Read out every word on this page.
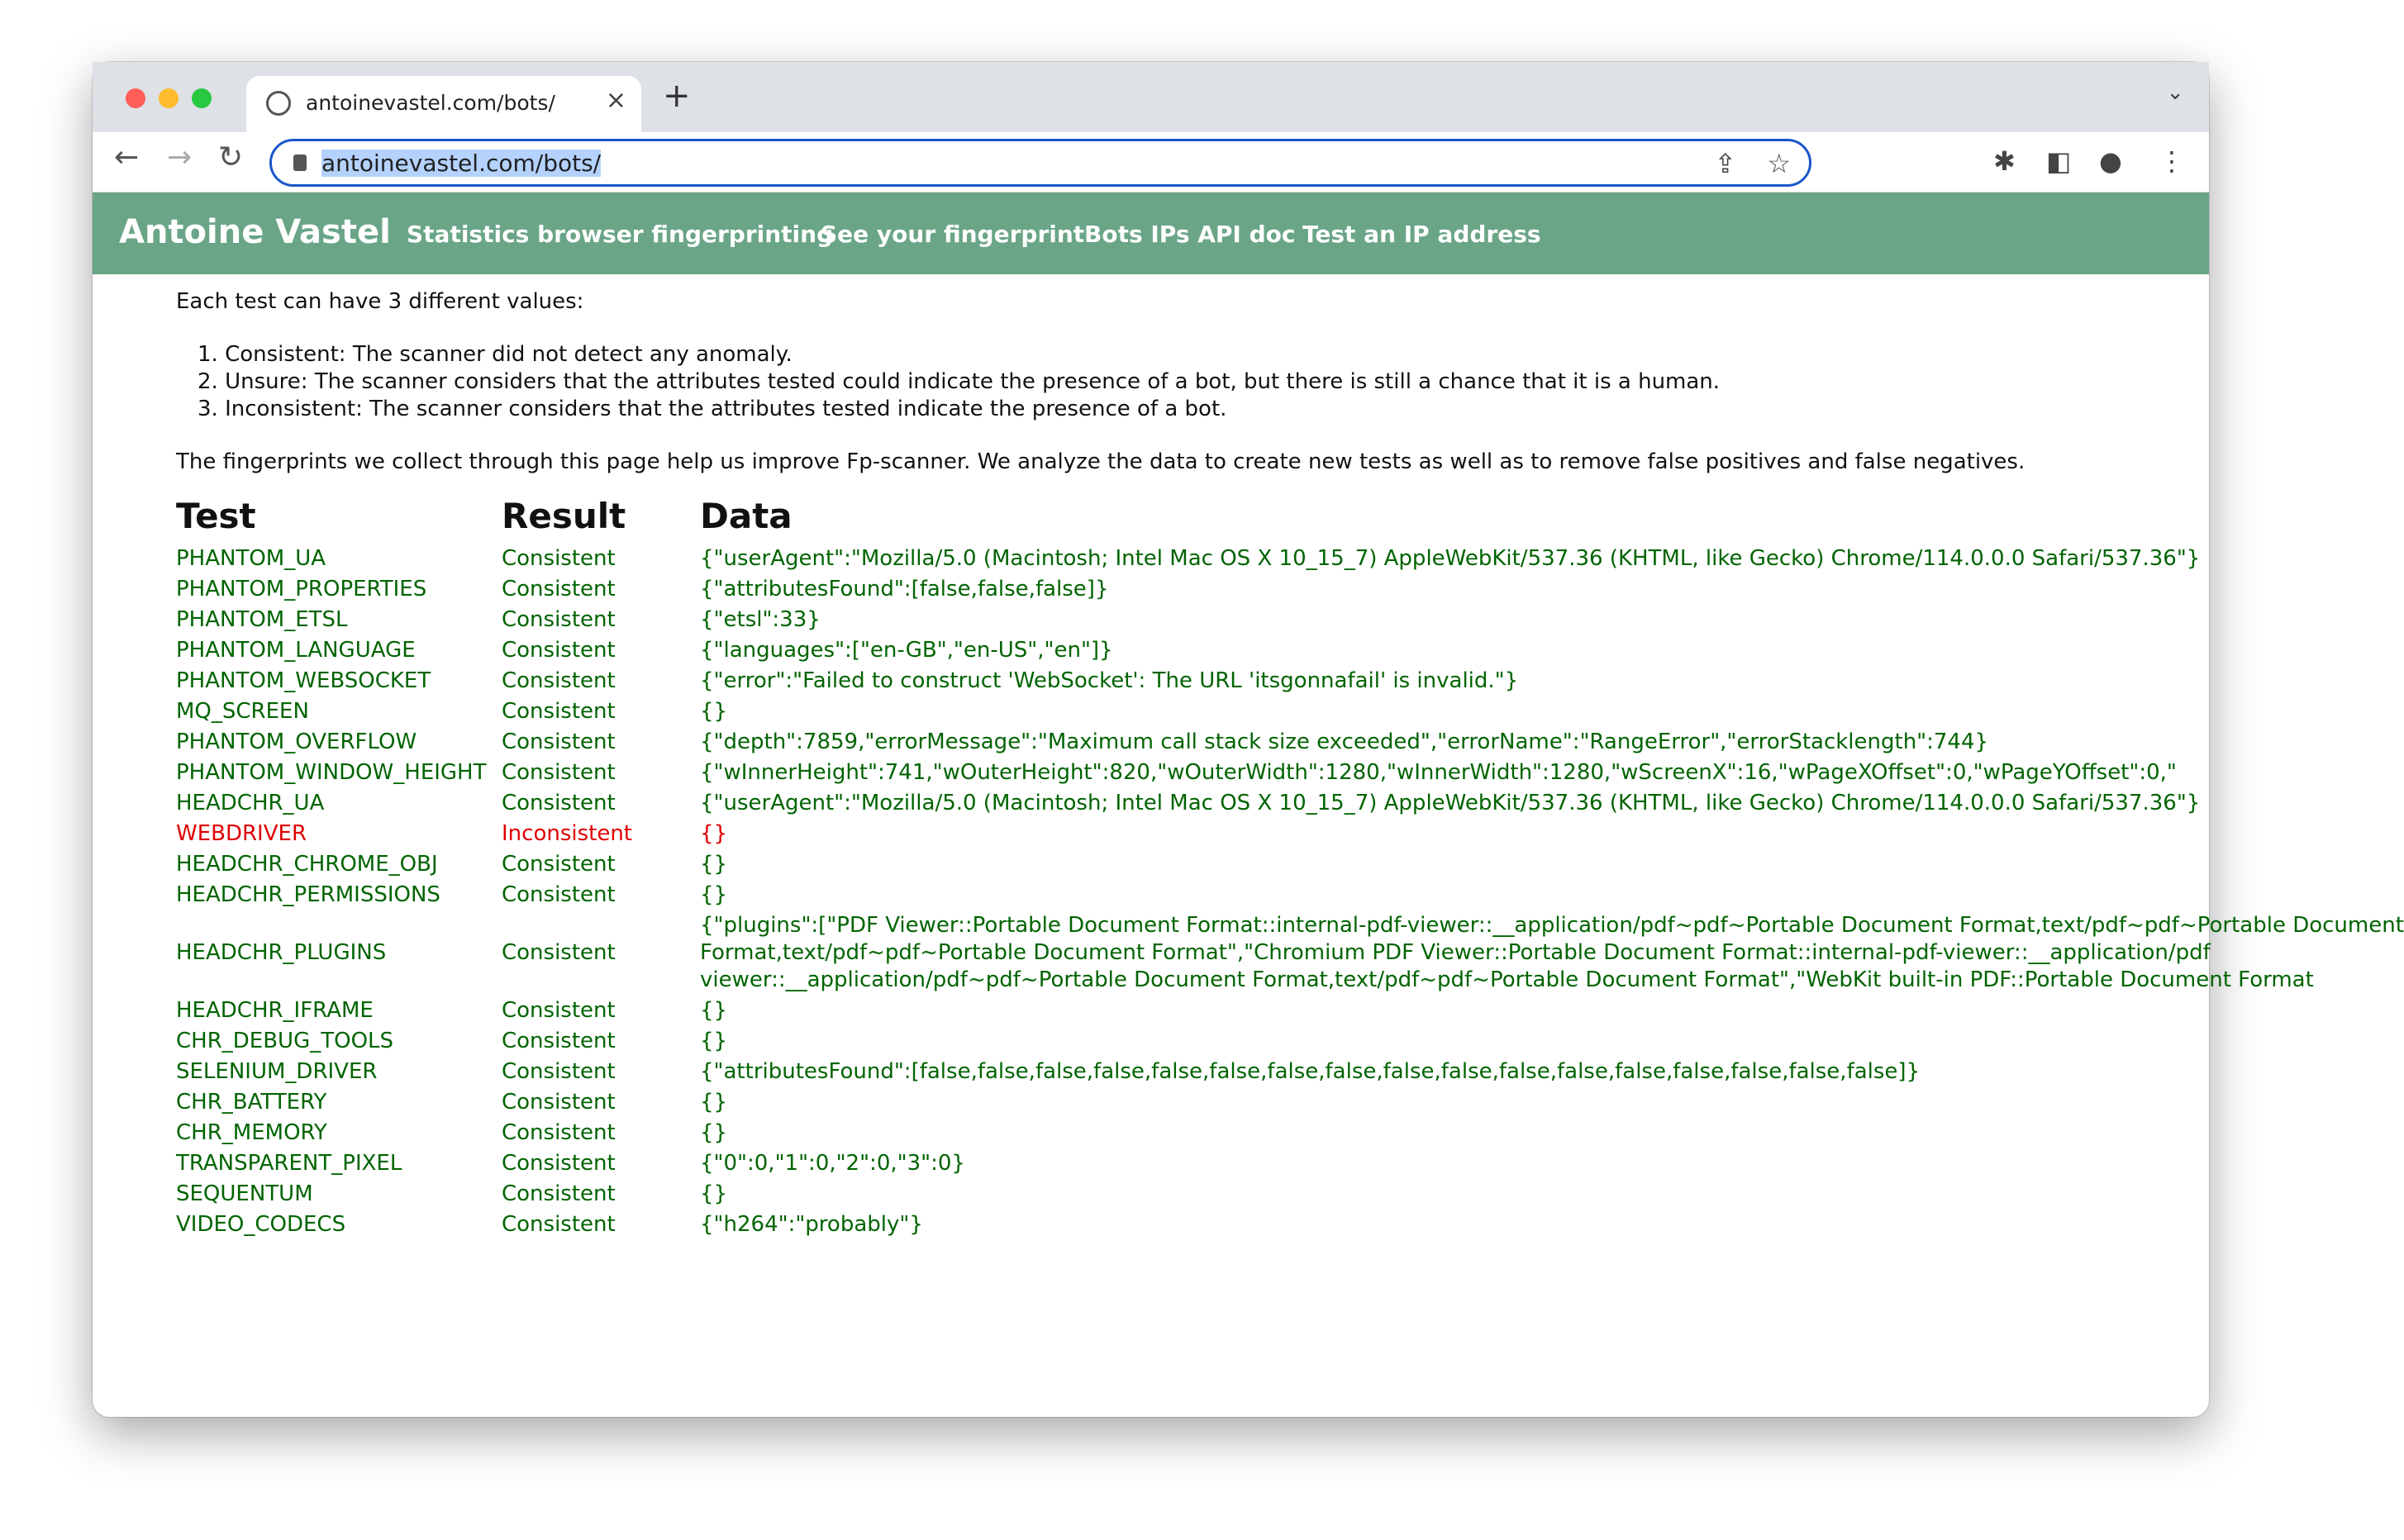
antoinevastel.com/bots/ × +	⌄
← → ↻	antoinevastel.com/bots/	⇪ ☆	✱ ◧ ● ⋮
Antoine Vastel Statistics browser fingerprinting
See your fingerprint Bots IPs API doc Test an IP address
Each test can have 3 different values:
1. Consistent: The scanner did not detect any anomaly.
2. Unsure: The scanner considers that the attributes tested could indicate the presence of a bot, but there is still a chance that it is a human.
3. Inconsistent: The scanner considers that the attributes tested indicate the presence of a bot.
The fingerprints we collect through this page help us improve Fp-scanner. We analyze the data to create new tests as well as to remove false positives and false negatives.
Test	Result Data
PHANTOM_UA	Consistent	{"userAgent":"Mozilla/5.0 (Macintosh; Intel Mac OS X 10_15_7) AppleWebKit/537.36 (KHTML, like Gecko) Chrome/114.0.0.0 Safari/537.36"}
PHANTOM_PROPERTIES	Consistent	{"attributesFound":[false,false,false]}
PHANTOM_ETSL	Consistent	{"etsl":33}
PHANTOM_LANGUAGE	Consistent	{"languages":["en-GB","en-US","en"]}
PHANTOM_WEBSOCKET	Consistent	{"error":"Failed to construct 'WebSocket': The URL 'itsgonnafail' is invalid."}
MQ_SCREEN	Consistent	{}
PHANTOM_OVERFLOW	Consistent	{"depth":7859,"errorMessage":"Maximum call stack size exceeded","errorName":"RangeError","errorStacklength":744}
PHANTOM_WINDOW_HEIGHT Consistent	{"wInnerHeight":741,"wOuterHeight":820,"wOuterWidth":1280,"wInnerWidth":1280,"wScreenX":16,"wPageXOffset":0,"wPageYOffset":0,"
HEADCHR_UA	Consistent	{"userAgent":"Mozilla/5.0 (Macintosh; Intel Mac OS X 10_15_7) AppleWebKit/537.36 (KHTML, like Gecko) Chrome/114.0.0.0 Safari/537.36"}
WEBDRIVER	Inconsistent	{}
HEADCHR_CHROME_OBJ	Consistent	{}
HEADCHR_PERMISSIONS	Consistent	{}
HEADCHR_PLUGINS	Consistent
{"plugins":["PDF Viewer::Portable Document Format::internal-pdf-viewer::__application/pdf~pdf~Portable Document Format,text/pdf~pdf~Portable Document
Format,text/pdf~pdf~Portable Document Format","Chromium PDF Viewer::Portable Document Format::internal-pdf-viewer::__application/pdf
viewer::__application/pdf~pdf~Portable Document Format,text/pdf~pdf~Portable Document Format","WebKit built-in PDF::Portable Document Format
HEADCHR_IFRAME	Consistent	{}
CHR_DEBUG_TOOLS	Consistent	{}
SELENIUM_DRIVER	Consistent	{"attributesFound":[false,false,false,false,false,false,false,false,false,false,false,false,false,false,false,false,false]}
CHR_BATTERY	Consistent	{}
CHR_MEMORY	Consistent	{}
TRANSPARENT_PIXEL	Consistent	{"0":0,"1":0,"2":0,"3":0}
SEQUENTUM	Consistent	{}
VIDEO_CODECS	Consistent	{"h264":"probably"}
